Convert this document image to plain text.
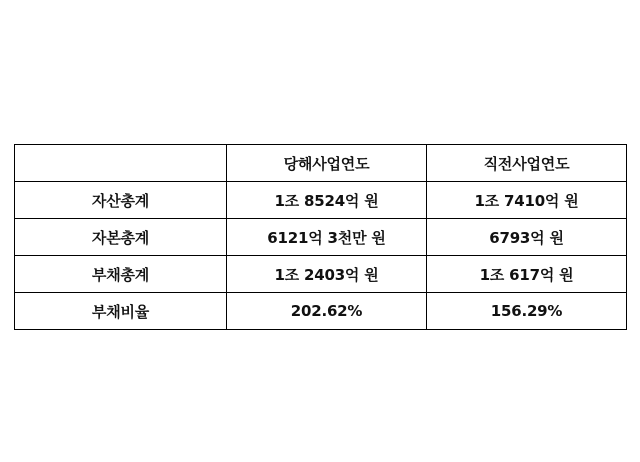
	당해사업연도	직전사업연도
자산총계	1조 8524억 원	1조 7410억 원
자본총계	6121억 3천만 원	6793억 원
부채총계	1조 2403억 원	1조 617억 원
부채비율	202.62%	156.29%
